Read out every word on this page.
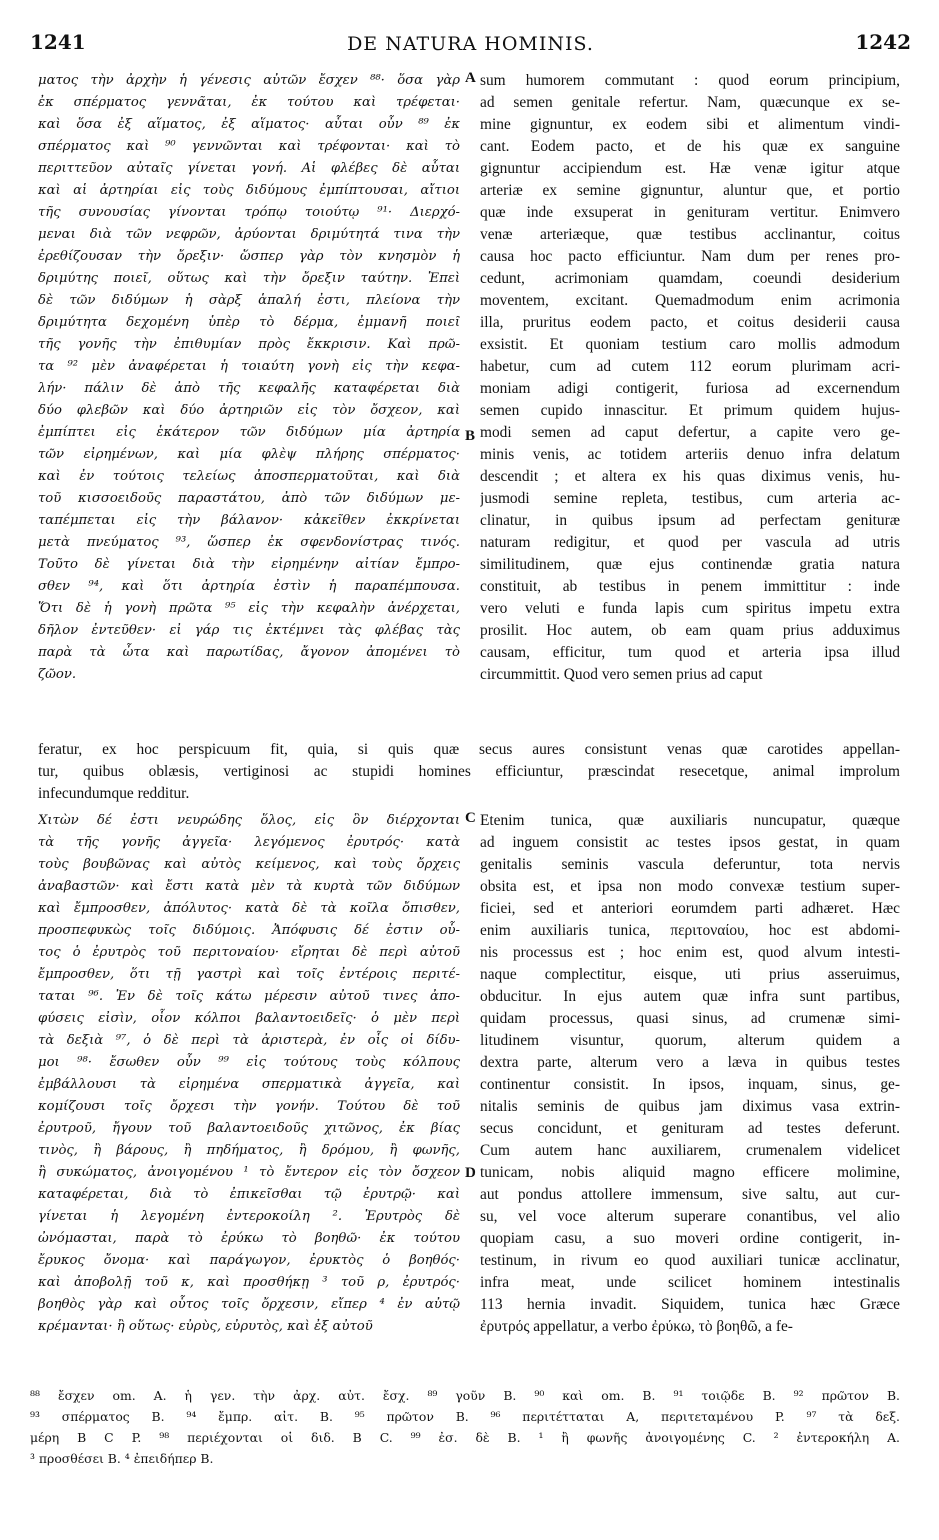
1241	DE NATURA HOMINIS.	1242
A
B
C
D
ματος τὴν ἀρχὴν ἡ γένεσις αὐτῶν ἔσχεν ⁸⁸· ὅσα γὰρ
ἐκ σπέρματος γεννᾶται, ἐκ τούτου καὶ τρέφεται·
καὶ ὅσα ἐξ αἵματος, ἐξ αἵματος· αὗται οὖν ⁸⁹ ἐκ
σπέρματος καὶ ⁹⁰ γεννῶνται καὶ τρέφονται· καὶ τὸ
περιττεῦον αὐταῖς γίνεται γονή. Αἱ φλέβες δὲ αὗται
καὶ αἱ ἀρτηρίαι εἰς τοὺς διδύμους ἐμπίπτουσαι, αἴτιοι
τῆς συνουσίας γίνονται τρόπῳ τοιούτῳ ⁹¹· Διερχό-
μεναι διὰ τῶν νεφρῶν, ἀρύονται δριμύτητά τινα τὴν
ἐρεθίζουσαν τὴν ὄρεξιν· ὥσπερ γὰρ τὸν κνησμὸν ἡ
δριμύτης ποιεῖ, οὕτως καὶ τὴν ὄρεξιν ταύτην. Ἐπεὶ
δὲ τῶν διδύμων ἡ σὰρξ ἁπαλή ἐστι, πλείονα τὴν
δριμύτητα δεχομένη ὑπὲρ τὸ δέρμα, ἐμμανῆ ποιεῖ
τῆς γονῆς τὴν ἐπιθυμίαν πρὸς ἔκκρισιν. Καὶ πρῶ-
τα ⁹² μὲν ἀναφέρεται ἡ τοιαύτη γονὴ εἰς τὴν κεφα-
λήν· πάλιν δὲ ἀπὸ τῆς κεφαλῆς καταφέρεται διὰ
δύο φλεβῶν καὶ δύο ἀρτηριῶν εἰς τὸν ὄσχεον, καὶ
ἐμπίπτει εἰς ἑκάτερον τῶν διδύμων μία ἀρτηρία
τῶν εἰρημένων, καὶ μία φλὲψ πλήρης σπέρματος·
καὶ ἐν τούτοις τελείως ἀποσπερματοῦται, καὶ διὰ
τοῦ κισσοειδοῦς παραστάτου, ἀπὸ τῶν διδύμων με-
ταπέμπεται εἰς τὴν βάλανον· κἀκεῖθεν ἐκκρίνεται
μετὰ πνεύματος ⁹³, ὥσπερ ἐκ σφενδονίστρας τινός.
Τοῦτο δὲ γίνεται διὰ τὴν εἰρημένην αἰτίαν ἔμπρο-
σθεν ⁹⁴, καὶ ὅτι ἀρτηρία ἐστὶν ἡ παραπέμπουσα.
Ὅτι δὲ ἡ γονὴ πρῶτα ⁹⁵ εἰς τὴν κεφαλὴν ἀνέρχεται,
δῆλον ἐντεῦθεν· εἰ γάρ τις ἐκτέμνει τὰς φλέβας τὰς
παρὰ τὰ ὦτα καὶ παρωτίδας, ἄγονον ἀπομένει τὸ
ζῶον.
sum humorem commutant : quod eorum principium,
ad semen genitale refertur. Nam, quæcunque ex se-
mine gignuntur, ex eodem sibi et alimentum vindi-
cant. Eodem pacto, et de his quæ ex sanguine
gignuntur accipiendum est. Hæ venæ igitur atque
arteriæ ex semine gignuntur, aluntur que, et portio
quæ inde exsuperat in genituram vertitur. Enimvero
venæ arteriæque, quæ testibus acclinantur, coitus
causa hoc pacto efficiuntur. Nam dum per renes pro-
cedunt, acrimoniam quamdam, coeundi desiderium
moventem, excitant. Quemadmodum enim acrimonia
illa, pruritus eodem pacto, et coitus desiderii causa
exsistit. Et quoniam testium caro mollis admodum
habetur, cum ad cutem 112 eorum plurimam acri-
moniam adigi contigerit, furiosa ad excernendum
semen cupido innascitur. Et primum quidem hujus-
modi semen ad caput defertur, a capite vero ge-
minis venis, ac totidem arteriis denuo infra delatum
descendit ; et altera ex his quas diximus venis, hu-
jusmodi semine repleta, testibus, cum arteria ac-
clinatur, in quibus ipsum ad perfectam genituræ
naturam redigitur, et quod per vascula ad utris
similitudinem, quæ ejus continendæ gratia natura
constituit, ab testibus in penem immittitur : inde
vero veluti e funda lapis cum spiritus impetu extra
prosilit. Hoc autem, ob eam quam prius adduximus
causam, efficitur, tum quod et arteria ipsa illud
circummittit. Quod vero semen prius ad caput
feratur, ex hoc perspicuum fit, quia, si quis quæ secus aures consistunt venas quæ carotides appellan-
tur, quibus oblæsis, vertiginosi ac stupidi homines efficiuntur, præscindat resecetque, animal improlum
infecundumque redditur.
Χιτὼν δέ ἐστι νευρώδης ὅλος, εἰς ὃν διέρχονται
τὰ τῆς γονῆς ἀγγεῖα· λεγόμενος ἐρυτρός· κατὰ
τοὺς βουβῶνας καὶ αὐτὸς κείμενος, καὶ τοὺς ὄρχεις
ἀναβαστῶν· καὶ ἔστι κατὰ μὲν τὰ κυρτὰ τῶν διδύμων
καὶ ἔμπροσθεν, ἀπόλυτος· κατὰ δὲ τὰ κοῖλα ὄπισθεν,
προσπεφυκὼς τοῖς διδύμοις. Ἀπόφυσις δέ ἐστιν οὗ-
τος ὁ ἐρυτρὸς τοῦ περιτοναίου· εἴρηται δὲ περὶ αὐτοῦ
ἔμπροσθεν, ὅτι τῇ γαστρὶ καὶ τοῖς ἐντέροις περιτέ-
ταται ⁹⁶. Ἐν δὲ τοῖς κάτω μέρεσιν αὐτοῦ τινες ἀπο-
φύσεις εἰσὶν, οἷον κόλποι βαλαντοειδεῖς· ὁ μὲν περὶ
τὰ δεξιὰ ⁹⁷, ὁ δὲ περὶ τὰ ἀριστερὰ, ἐν οἷς οἱ δίδυ-
μοι ⁹⁸· ἔσωθεν οὖν ⁹⁹ εἰς τούτους τοὺς κόλπους
ἐμβάλλουσι τὰ εἰρημένα σπερματικὰ ἀγγεῖα, καὶ
κομίζουσι τοῖς ὄρχεσι τὴν γονήν. Τούτου δὲ τοῦ
ἐρυτροῦ, ἤγουν τοῦ βαλαντοειδοῦς χιτῶνος, ἐκ βίας
τινὸς, ἢ βάρους, ἢ πηδήματος, ἢ δρόμου, ἢ φωνῆς,
ἢ συκώματος, ἀνοιγομένου ¹ τὸ ἔντερον εἰς τὸν ὄσχεον
καταφέρεται, διὰ τὸ ἐπικεῖσθαι τῷ ἐρυτρῷ· καὶ
γίνεται ἡ λεγομένη ἐντεροκοίλη ². Ἐρυτρὸς δὲ
ὠνόμασται, παρὰ τὸ ἐρύκω τὸ βοηθῶ· ἐκ τούτου
ἔρυκος ὄνομα· καὶ παράγωγον, ἐρυκτὸς ὁ βοηθός·
καὶ ἀποβολῇ τοῦ κ, καὶ προσθήκῃ ³ τοῦ ρ, ἐρυτρός·
βοηθὸς γὰρ καὶ οὗτος τοῖς ὄρχεσιν, εἴπερ ⁴ ἐν αὐτῷ
κρέμανται· ἢ οὕτως· εὐρὺς, εὐρυτὸς, καὶ ἐξ αὐτοῦ
Etenim tunica, quæ auxiliaris nuncupatur, quæque
ad inguem consistit ac testes ipsos gestat, in quam
genitalis seminis vascula deferuntur, tota nervis
obsita est, et ipsa non modo convexæ testium super-
ficiei, sed et anteriori eorumdem parti adhæret. Hæc
enim auxiliaris tunica, περιτοναίου, hoc est abdomi-
nis processus est ; hoc enim est, quod alvum intesti-
naque complectitur, eisque, uti prius asseruimus,
obducitur. In ejus autem quæ infra sunt partibus,
quidam processus, quasi sinus, ad crumenæ simi-
litudinem visuntur, quorum, alterum quidem a
dextra parte, alterum vero a læva in quibus testes
continentur consistit. In ipsos, inquam, sinus, ge-
nitalis seminis de quibus jam diximus vasa extrin-
secus concidunt, et genituram ad testes deferunt.
Cum autem hanc auxiliarem, crumenalem videlicet
tunicam, nobis aliquid magno efficere molimine,
aut pondus attollere immensum, sive saltu, aut cur-
su, vel voce alterum superare conantibus, vel alio
quopiam casu, a suo moveri ordine contigerit, in-
testinum, in rivum eo quod auxiliari tunicæ acclinatur,
infra meat, unde scilicet hominem intestinalis
113 hernia invadit. Siquidem, tunica hæc Græce
ἐρυτρός appellatur, a verbo ἐρύκω, τὸ βοηθῶ, a fe-
⁸⁸ ἔσχεν om. A. ἡ γεν. τὴν ἀρχ. αὐτ. ἔσχ. ⁸⁹ γοῦν B. ⁹⁰ καὶ om. B. ⁹¹ τοιῷδε B. ⁹² πρῶτον B.
⁹³ σπέρματος B. ⁹⁴ ἔμπρ. αἰτ. B. ⁹⁵ πρῶτον B. ⁹⁶ περιτέτταται A, περιτεταμένου P. ⁹⁷ τὰ δεξ.
μέρη B C P. ⁹⁸ περιέχονται οἱ διδ. B C. ⁹⁹ ἐσ. δὲ B. ¹ ἢ φωνῆς ἀνοιγομένης C. ² ἐντεροκήλη A.
³ προσθέσει B. ⁴ ἐπειδήπερ B.
